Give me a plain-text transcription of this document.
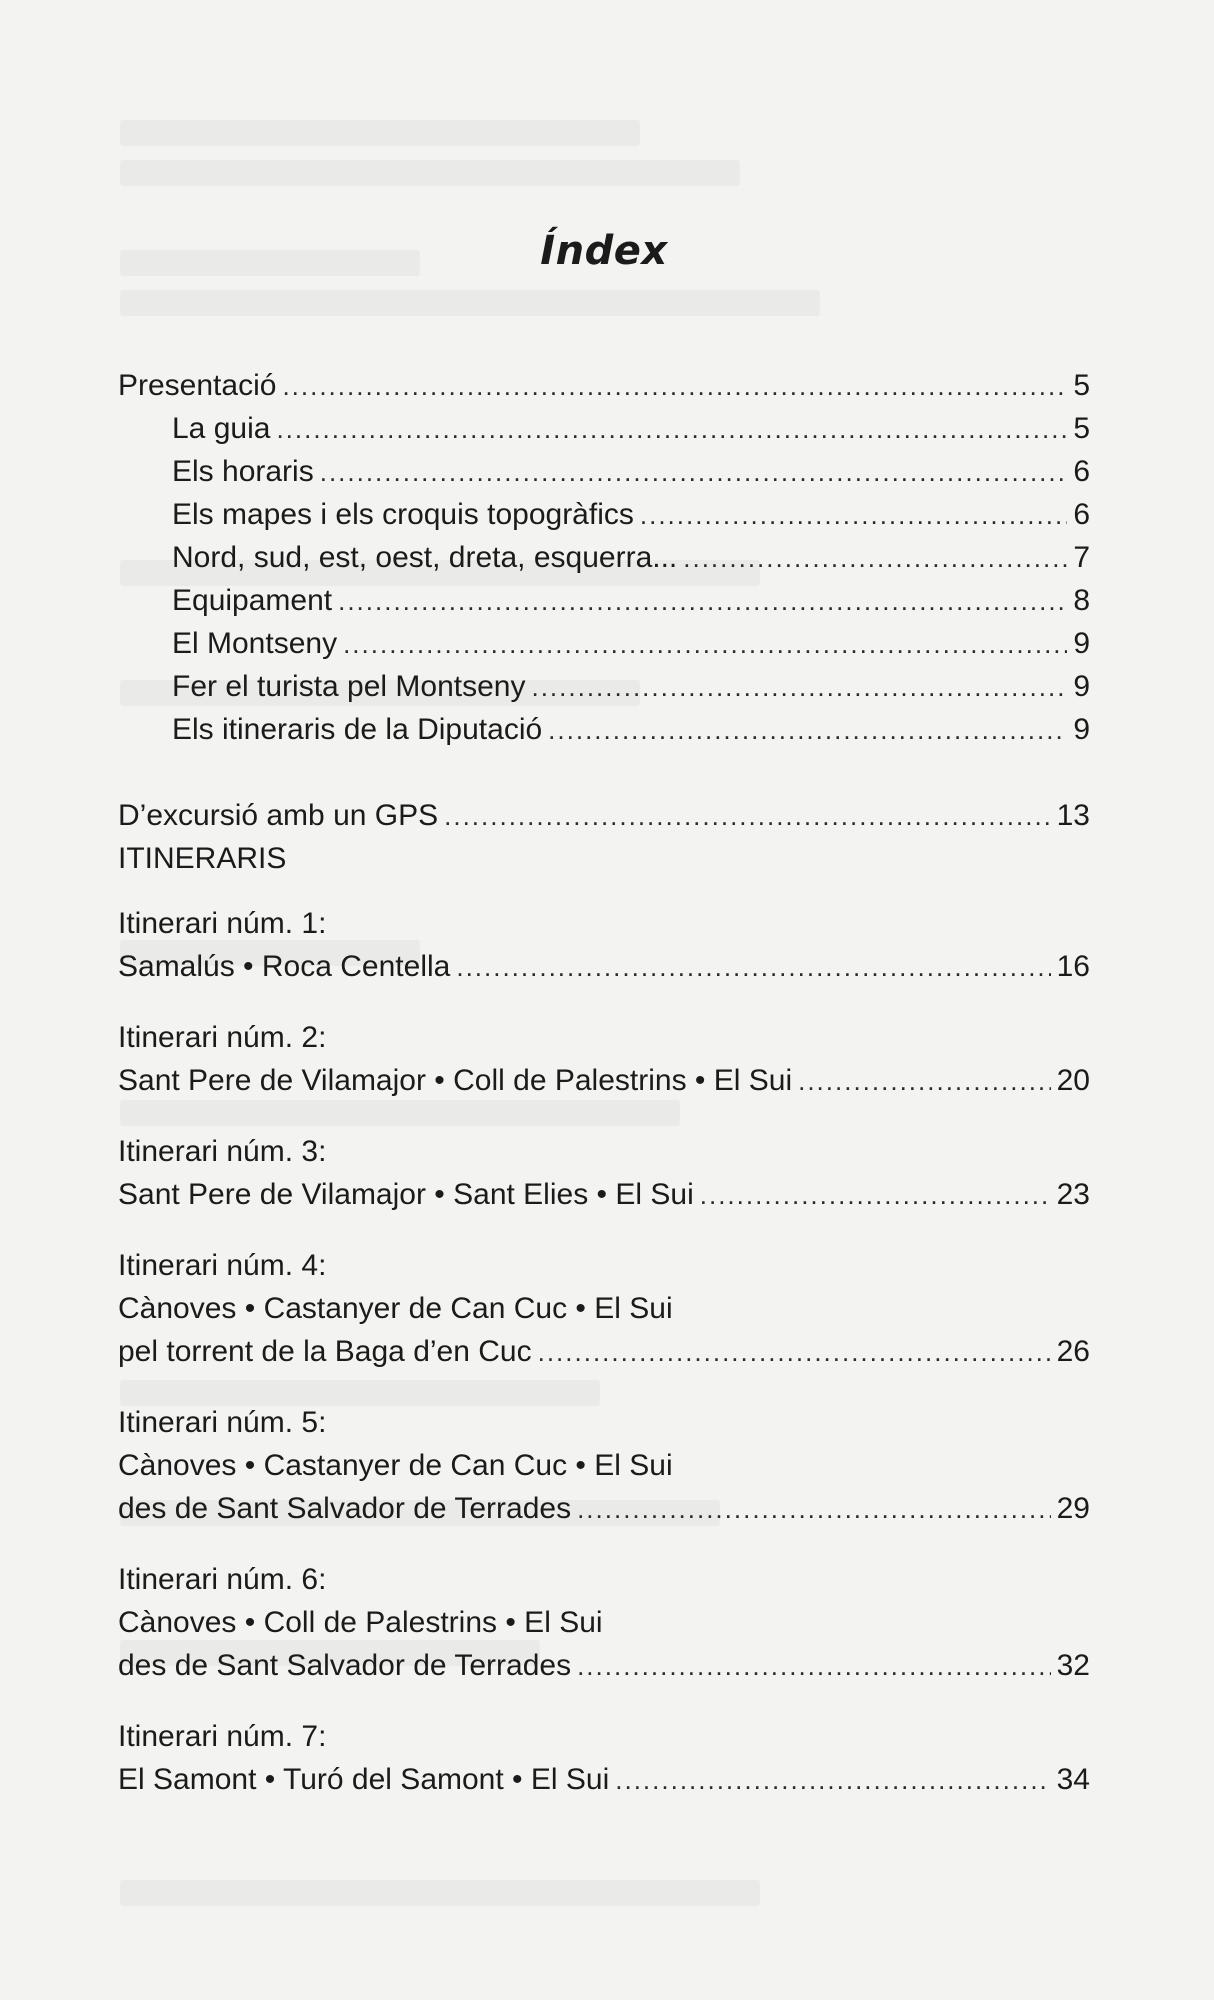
Índex
Presentació .....	5
La guia .....	5
Els horaris .....	6
Els mapes i els croquis topogràfics .....	6
Nord, sud, est, oest, dreta, esquerra... .....	7
Equipament .....	8
El Montseny .....	9
Fer el turista pel Montseny .....	9
Els itineraris de la Diputació .....	9
D’excursió amb un GPS .....	13
ITINERARIS
Itinerari núm. 1:
Samalús • Roca Centella .....	16
Itinerari núm. 2:
Sant Pere de Vilamajor • Coll de Palestrins • El Sui .....	20
Itinerari núm. 3:
Sant Pere de Vilamajor • Sant Elies • El Sui .....	23
Itinerari núm. 4:
Cànoves • Castanyer de Can Cuc • El Sui
pel torrent de la Baga d’en Cuc .....	26
Itinerari núm. 5:
Cànoves • Castanyer de Can Cuc • El Sui
des de Sant Salvador de Terrades .....	29
Itinerari núm. 6:
Cànoves • Coll de Palestrins • El Sui
des de Sant Salvador de Terrades .....	32
Itinerari núm. 7:
El Samont • Turó del Samont • El Sui .....	34
